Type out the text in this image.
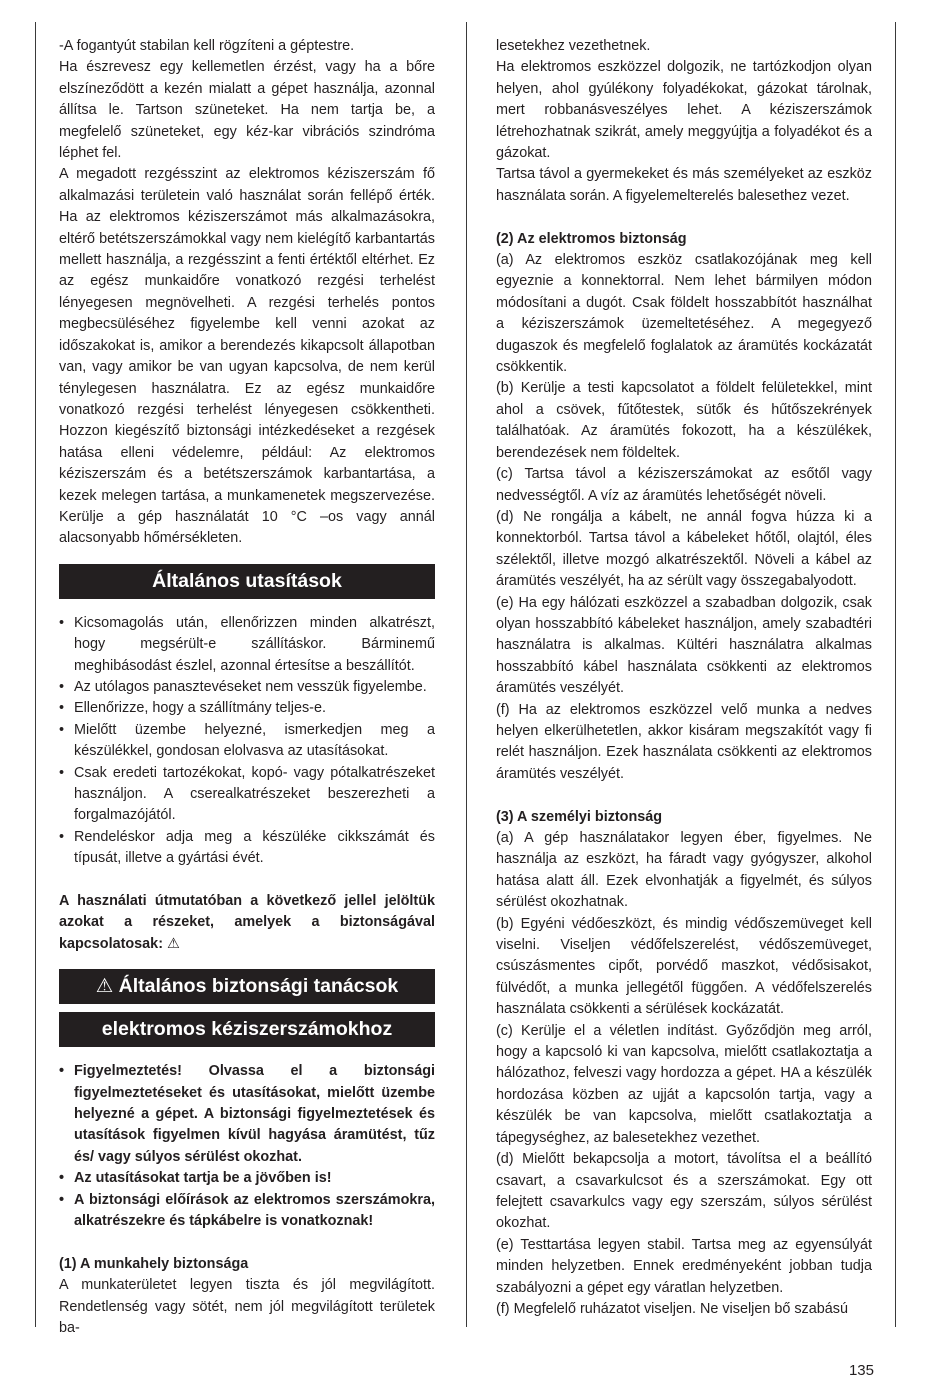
-A fogantyút stabilan kell rögzíteni a géptestre.

Ha észrevesz egy kellemetlen érzést, vagy ha a bőre elszíneződött a kezén mialatt a gépet használja, azonnal állítsa le. Tartson szüneteket. Ha nem tartja be, a megfelelő szüneteket, egy kéz-kar vibrációs szindróma léphet fel.

A megadott rezgésszint az elektromos kéziszerszám fő alkalmazási területein való használat során fellépő érték. Ha az elektromos kéziszerszámot más alkalmazásokra, eltérő betétszerszámokkal vagy nem kielégítő karbantartás mellett használja, a rezgésszint a fenti értéktől eltérhet. Ez az egész munkaidőre vonatkozó rezgési terhelést lényegesen megnövelheti. A rezgési terhelés pontos megbecsüléséhez figyelembe kell venni azokat az időszakokat is, amikor a berendezés kikapcsolt állapotban van, vagy amikor be van ugyan kapcsolva, de nem kerül ténylegesen használatra. Ez az egész munkaidőre vonatkozó rezgési terhelést lényegesen csökkentheti. Hozzon kiegészítő biztonsági intézkedéseket a rezgések hatása elleni védelemre, például: Az elektromos kéziszerszám és a betétszerszámok karbantartása, a kezek melegen tartása, a munkamenetek megszervezése. Kerülje a gép használatát 10 °C –os vagy annál alacsonyabb hőmérsékleten.

Általános utasítások
• Kicsomagolás után, ellenőrizzen minden alkatrészt, hogy megsérült-e szállításkor. Bárminemű meghibásodást észlel, azonnal értesítse a beszállítót.
• Az utólagos panasztevéseket nem vesszük figyelembe.
• Ellenőrizze, hogy a szállítmány teljes-e.
• Mielőtt üzembe helyezné, ismerkedjen meg a készülékkel, gondosan elolvasva az utasításokat.
• Csak eredeti tartozékokat, kopó- vagy pótalkatrészeket használjon. A cserealkatrészeket beszerezheti a forgalmazójától.
• Rendeléskor adja meg a készüléke cikkszámát és típusát, illetve a gyártási évét.

A használati útmutatóban a következő jellel jelöltük azokat a részeket, amelyek a biztonságával kapcsolatosak: ⚠

⚠ Általános biztonsági tanácsok
elektromos kéziszerszámokhoz
• Figyelmeztetés! Olvassa el a biztonsági figyelmeztetéseket és utasításokat, mielőtt üzembe helyezné a gépet. A biztonsági figyelmeztetések és utasítások figyelmen kívül hagyása áramütést, tűz és/ vagy súlyos sérülést okozhat.
• Az utasításokat tartja be a jövőben is!
• A biztonsági előírások az elektromos szerszámokra, alkatrészekre és tápkábelre is vonatkoznak!

(1) A munkahely biztonsága

A munkaterületet legyen tiszta és jól megvilágított. Rendetlenség vagy sötét, nem jól megvilágított területek ba-

lesetekhez vezethetnek.

Ha elektromos eszközzel dolgozik, ne tartózkodjon olyan helyen, ahol gyúlékony folyadékokat, gázokat tárolnak, mert robbanásveszélyes lehet. A kéziszerszámok létrehozhatnak szikrát, amely meggyújtja a folyadékot és a gázokat.

Tartsa távol a gyermekeket és más személyeket az eszköz használata során. A figyelemelterelés balesethez vezet.

(2) Az elektromos biztonság

(a) Az elektromos eszköz csatlakozójának meg kell egyeznie a konnektorral. Nem lehet bármilyen módon módosítani a dugót. Csak földelt hosszabbítót használhat a kéziszerszámok üzemeltetéséhez. A megegyező dugaszok és megfelelő foglalatok az áramütés kockázatát csökkentik.

(b) Kerülje a testi kapcsolatot a földelt felületekkel, mint ahol a csövek, fűtőtestek, sütők és hűtőszekrények találhatóak. Az áramütés fokozott, ha a készülékek, berendezések nem földeltek.

(c) Tartsa távol a kéziszerszámokat az esőtől vagy nedvességtől. A víz az áramütés lehetőségét növeli.

(d) Ne rongálja a kábelt, ne annál fogva húzza ki a konnektorból. Tartsa távol a kábeleket hőtől, olajtól, éles szélektől, illetve mozgó alkatrészektől. Növeli a kábel az áramütés veszélyét, ha az sérült vagy összegabalyodott.

(e) Ha egy hálózati eszközzel a szabadban dolgozik, csak olyan hosszabbító kábeleket használjon, amely szabadtéri használatra is alkalmas. Kültéri használatra alkalmas hosszabbító kábel használata csökkenti az elektromos áramütés veszélyét.

(f) Ha az elektromos eszközzel velő munka a nedves helyen elkerülhetetlen, akkor kisáram megszakítót vagy fi relét használjon. Ezek használata csökkenti az elektromos áramütés veszélyét.

(3) A személyi biztonság

(a) A gép használatakor legyen éber, figyelmes. Ne használja az eszközt, ha fáradt vagy gyógyszer, alkohol hatása alatt áll. Ezek elvonhatják a figyelmét, és súlyos sérülést okozhatnak.

(b) Egyéni védőeszközt, és mindig védőszemüveget kell viselni. Viseljen védőfelszerelést, védőszemüveget, csúszásmentes cipőt, porvédő maszkot, védősisakot, fülvédőt, a munka jellegétől függően. A védőfelszerelés használata csökkenti a sérülések kockázatát.

(c) Kerülje el a véletlen indítást. Győződjön meg arról, hogy a kapcsoló ki van kapcsolva, mielőtt csatlakoztatja a hálózathoz, felveszi vagy hordozza a gépet. HA a készülék hordozása közben az ujját a kapcsolón tartja, vagy a készülék be van kapcsolva, mielőtt csatlakoztatja a tápegységhez, az balesetekhez vezethet.

(d) Mielőtt bekapcsolja a motort, távolítsa el a beállító csavart, a csavarkulcsot és a szerszámokat. Egy ott felejtett csavarkulcs vagy egy szerszám, súlyos sérülést okozhat.

(e) Testtartása legyen stabil. Tartsa meg az egyensúlyát minden helyzetben. Ennek eredményeként jobban tudja szabályozni a gépet egy váratlan helyzetben.

(f) Megfelelő ruházatot viseljen. Ne viseljen bő szabású

135
